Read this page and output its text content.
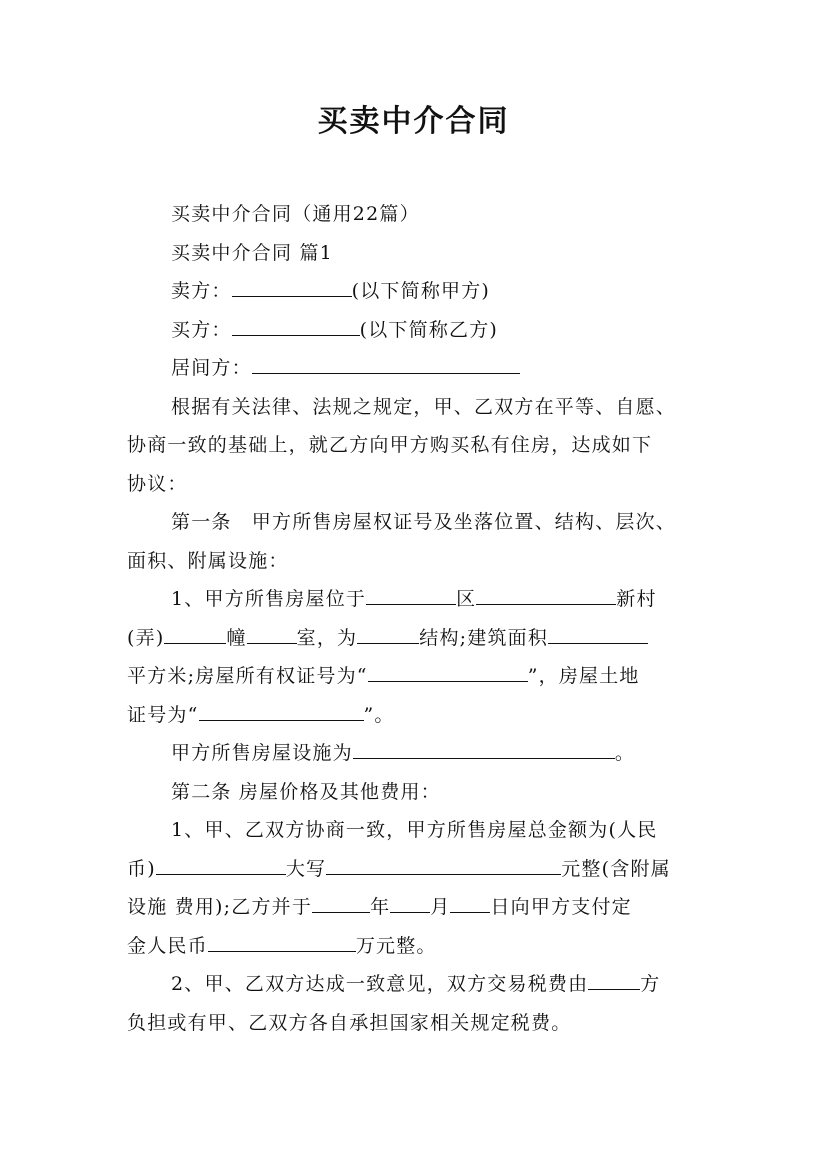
买卖中介合同
买卖中介合同（通用22篇）
买卖中介合同 篇1
卖方：	(以下简称甲方)
买方：	(以下简称乙方)
居间方：
根据有关法律、法规之规定，甲、乙双方在平等、自愿、
协商一致的基础上，就乙方向甲方购买私有住房，达成如下
协议：
第一条　甲方所售房屋权证号及坐落位置、结构、层次、
面积、附属设施：
1、甲方所售房屋位于	区	新村
(弄)	幢	室，为	结构;建筑面积
平方米;房屋所有权证号为“	”，房屋土地
证号为“	”。
甲方所售房屋设施为	。
第二条 房屋价格及其他费用：
1、甲、乙双方协商一致，甲方所售房屋总金额为(人民
币)	大写	元整(含附属
设施 费用);乙方并于	年 月 日向甲方支付定
金人民币	万元整。
2、甲、乙双方达成一致意见，双方交易税费由	方
负担或有甲、乙双方各自承担国家相关规定税费。
